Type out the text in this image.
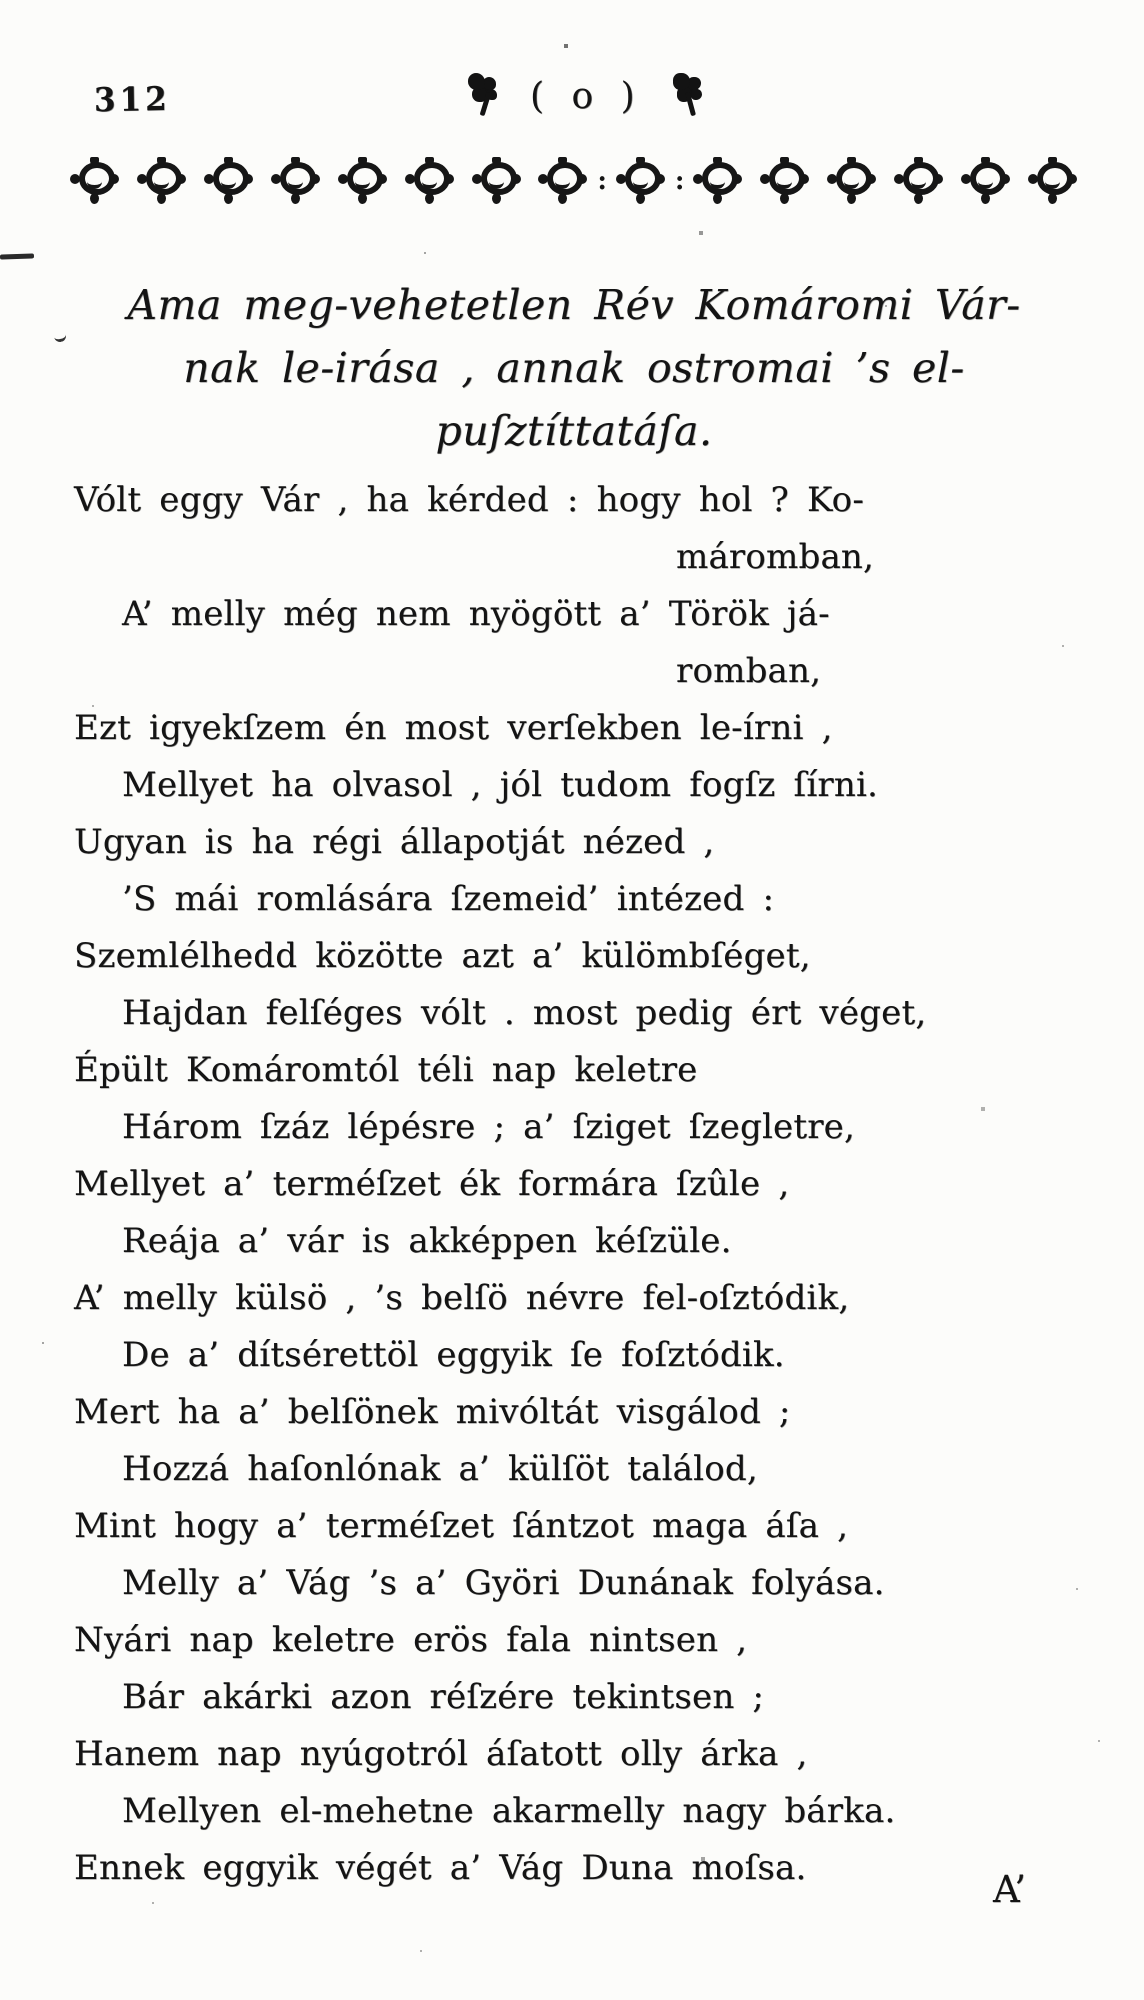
312	( o )
:	:
Ama meg-vehetetlen Rév Komáromi Vár-
nak le-irása , annak ostromai ’s el-
puſztíttatáſa.
Vólt eggy Vár , ha kérded : hogy hol ? Ko-
máromban,
A’ melly még nem nyögött a’ Török já-
romban,
Ezt igyekſzem én most verſekben le-írni ,
Mellyet ha olvasol , jól tudom fogſz ſírni.
Ugyan is ha régi állapotját nézed ,
’S mái romlására ſzemeid’ intézed :
Szemlélhedd közötte azt a’ külömbſéget,
Hajdan felſéges vólt . most pedig ért véget,
Épült Komáromtól téli nap keletre
Három ſzáz lépésre ; a’ ſziget ſzegletre,
Mellyet a’ terméſzet ék formára ſzûle ,
Reája a’ vár is akképpen kéſzüle.
A’ melly külsö , ’s belſö névre fel-oſztódik,
De a’ dítsérettöl eggyik ſe foſztódik.
Mert ha a’ belſönek mivóltát visgálod ;
Hozzá haſonlónak a’ külſöt találod,
Mint hogy a’ terméſzet ſántzot maga áſa ,
Melly a’ Vág ’s a’ Györi Dunának folyása.
Nyári nap keletre erös fala nintsen ,
Bár akárki azon réſzére tekintsen ;
Hanem nap nyúgotról áſatott olly árka ,
Mellyen el-mehetne akarmelly nagy bárka.
Ennek eggyik végét a’ Vág Duna moſsa.	A’
